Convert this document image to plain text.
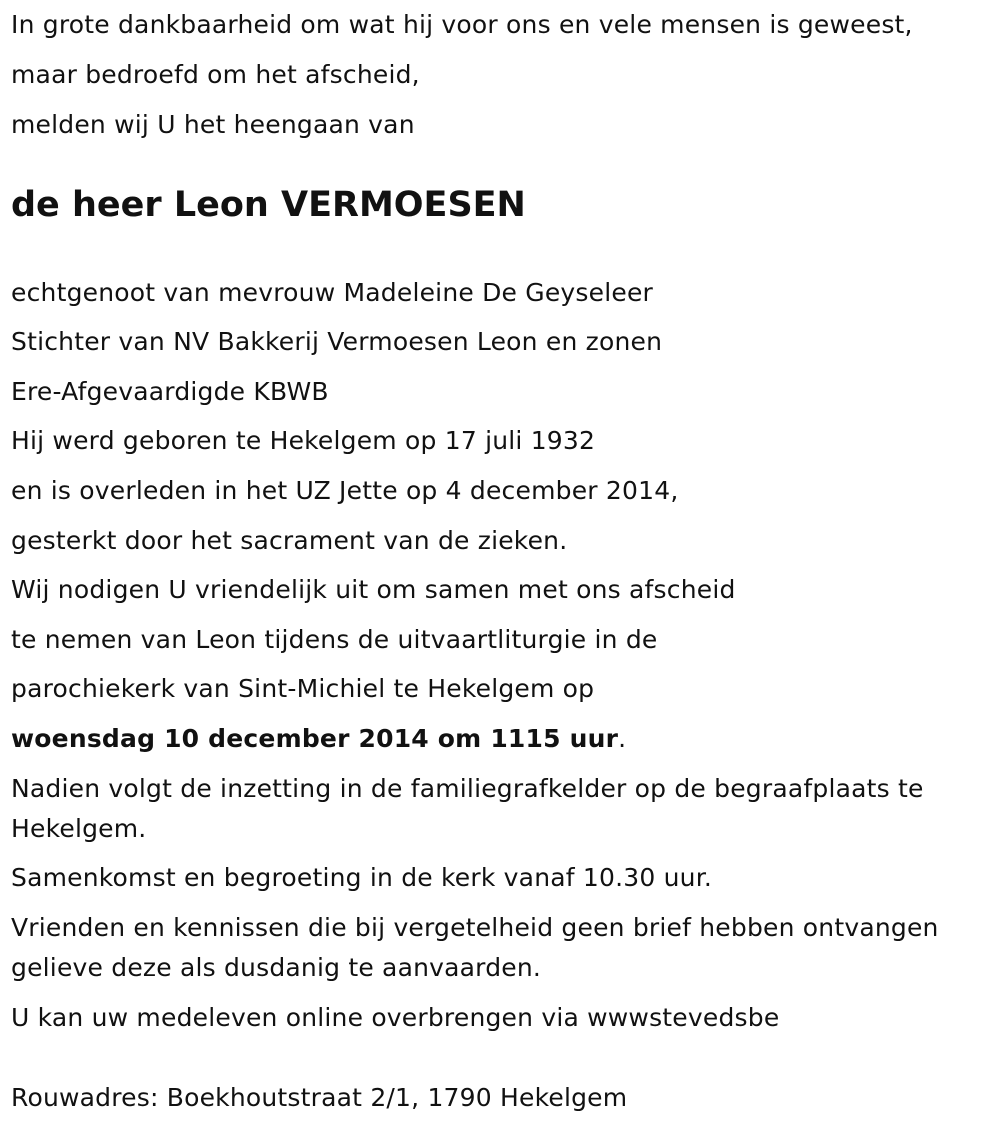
In grote dankbaarheid om wat hij voor ons en vele mensen is geweest,
maar bedroefd om het afscheid,
melden wij U het heengaan van
de heer Leon VERMOESEN
echtgenoot van mevrouw Madeleine De Geyseleer
Stichter van NV Bakkerij Vermoesen Leon en zonen
Ere-Afgevaardigde KBWB
Hij werd geboren te Hekelgem op 17 juli 1932
en is overleden in het UZ Jette op 4 december 2014,
gesterkt door het sacrament van de zieken.
Wij nodigen U vriendelijk uit om samen met ons afscheid
te nemen van Leon tijdens de uitvaartliturgie in de
parochiekerk van Sint-Michiel te Hekelgem op
woensdag 10 december 2014 om 1115 uur.
Nadien volgt de inzetting in de familiegrafkelder op de begraafplaats te Hekelgem.
Samenkomst en begroeting in de kerk vanaf 10.30 uur.
Vrienden en kennissen die bij vergetelheid geen brief hebben ontvangen gelieve deze als dusdanig te aanvaarden.
U kan uw medeleven online overbrengen via wwwstevedsbe
Rouwadres: Boekhoutstraat 2/1, 1790 Hekelgem
